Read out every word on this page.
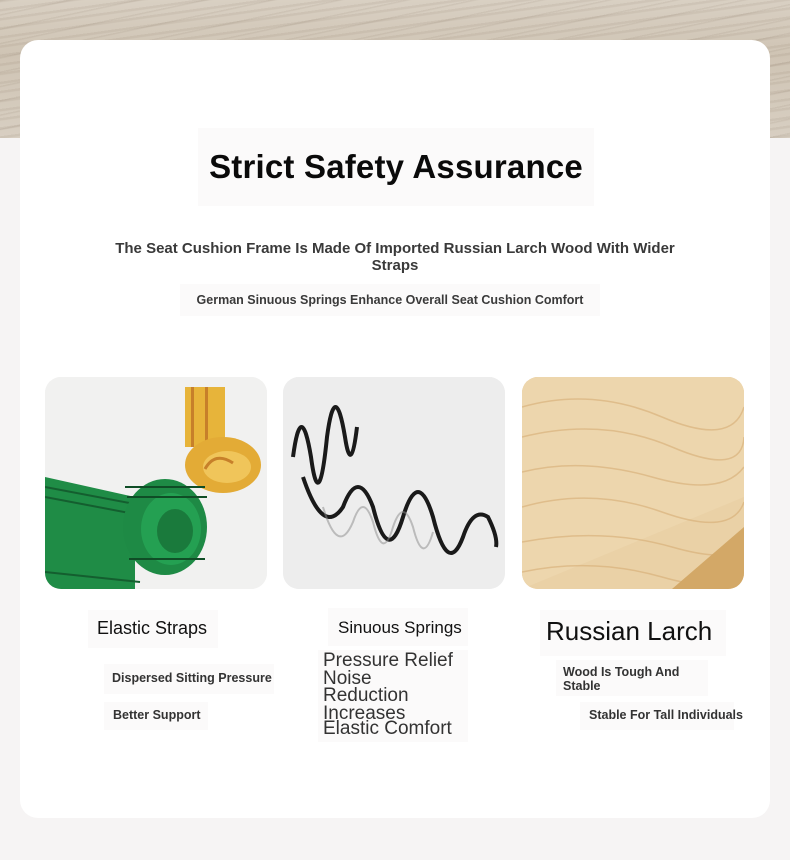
Strict Safety Assurance
The Seat Cushion Frame Is Made Of Imported Russian Larch Wood With Wider Straps
German Sinuous Springs Enhance Overall Seat Cushion Comfort
Elastic Straps
Dispersed Sitting Pressure
Better Support
Sinuous Springs
Pressure Relief
Noise
Reduction
Increases
Elastic Comfort
Russian Larch
Wood Is Tough And
Stable
Stable For Tall Individuals
